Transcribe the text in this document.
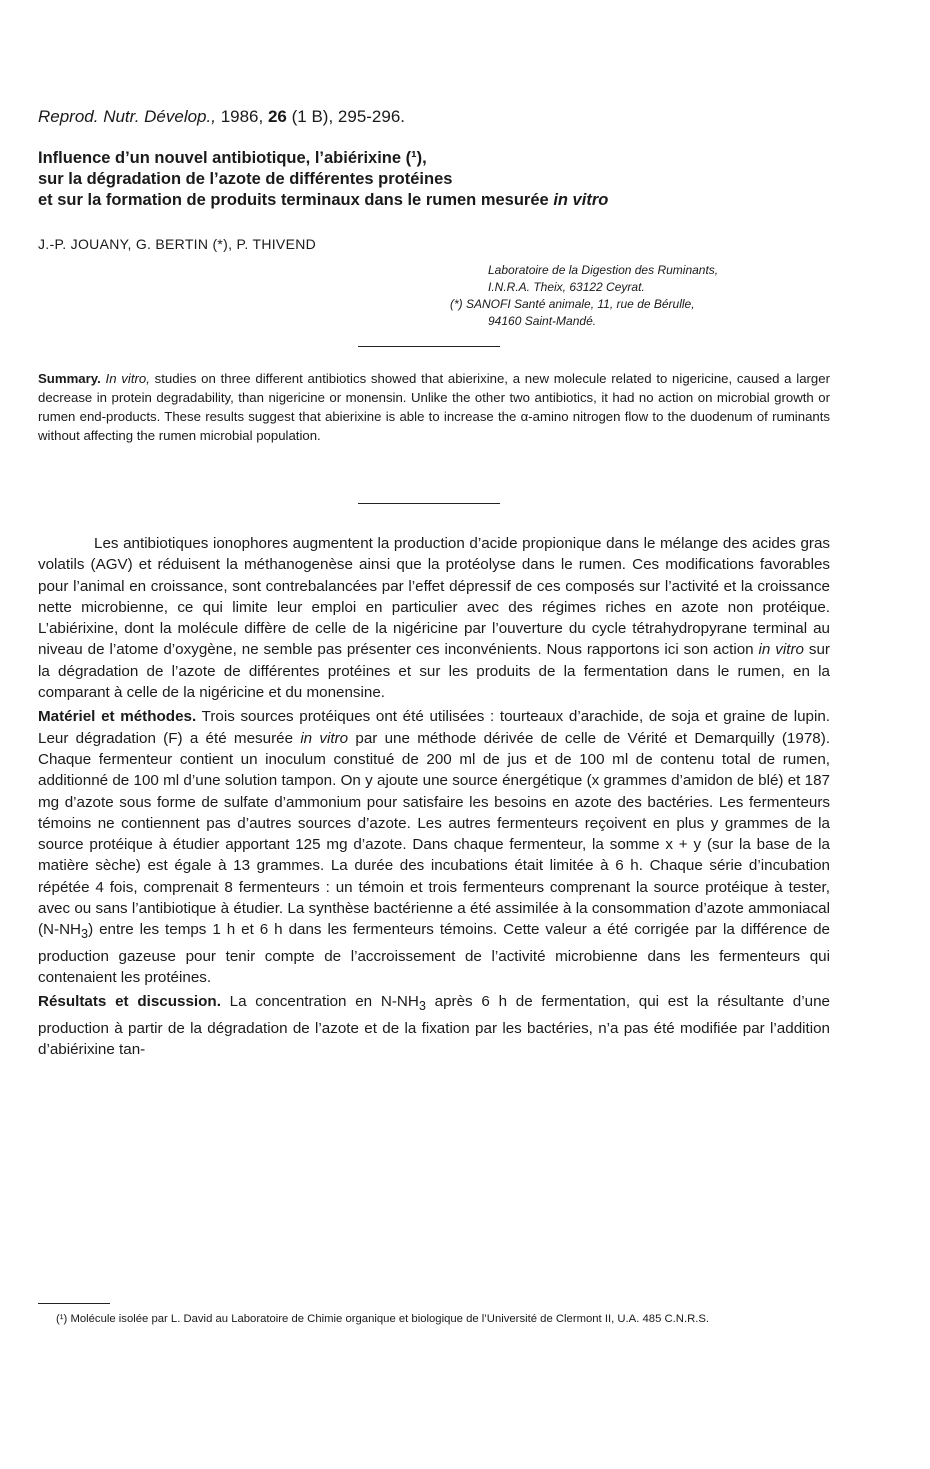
Reprod. Nutr. Dévelop., 1986, 26 (1 B), 295-296.
Influence d’un nouvel antibiotique, l’abiérixine (¹),
sur la dégradation de l’azote de différentes protéines
et sur la formation de produits terminaux dans le rumen mesurée in vitro
J.-P. JOUANY, G. BERTIN (*), P. THIVEND
Laboratoire de la Digestion des Ruminants,
I.N.R.A. Theix, 63122 Ceyrat.
(*) SANOFI Santé animale, 11, rue de Bérulle,
94160 Saint-Mandé.
Summary. In vitro, studies on three different antibiotics showed that abierixine, a new molecule related to nigericine, caused a larger decrease in protein degradability, than nigericine or monensin. Unlike the other two antibiotics, it had no action on microbial growth or rumen end-products. These results suggest that abierixine is able to increase the α-amino nitrogen flow to the duodenum of ruminants without affecting the rumen microbial population.

Les antibiotiques ionophores augmentent la production d’acide propionique dans le mélange des acides gras volatils (AGV) et réduisent la méthanogenèse ainsi que la protéolyse dans le rumen. Ces modifications favorables pour l’animal en croissance, sont contrebalancées par l’effet dépressif de ces composés sur l’activité et la croissance nette microbienne, ce qui limite leur emploi en particulier avec des régimes riches en azote non protéique. L’abiérixine, dont la molécule diffère de celle de la nigéricine par l’ouverture du cycle tétrahydropyrane terminal au niveau de l’atome d’oxygène, ne semble pas présenter ces inconvénients. Nous rapportons ici son action in vitro sur la dégradation de l’azote de différentes protéines et sur les produits de la fermentation dans le rumen, en la comparant à celle de la nigéricine et du monensine.

Matériel et méthodes. Trois sources protéiques ont été utilisées : tourteaux d’arachide, de soja et graine de lupin. Leur dégradation (F) a été mesurée in vitro par une méthode dérivée de celle de Vérité et Demarquilly (1978). Chaque fermenteur contient un inoculum constitué de 200 ml de jus et de 100 ml de contenu total de rumen, additionné de 100 ml d’une solution tampon. On y ajoute une source énergétique (x grammes d’amidon de blé) et 187 mg d’azote sous forme de sulfate d’ammonium pour satisfaire les besoins en azote des bactéries. Les fermenteurs témoins ne contiennent pas d’autres sources d’azote. Les autres fermenteurs reçoivent en plus y grammes de la source protéique à étudier apportant 125 mg d’azote. Dans chaque fermenteur, la somme x + y (sur la base de la matière sèche) est égale à 13 grammes. La durée des incubations était limitée à 6 h. Chaque série d’incubation répétée 4 fois, comprenait 8 fermenteurs : un témoin et trois fermenteurs comprenant la source protéique à tester, avec ou sans l’antibiotique à étudier. La synthèse bactérienne a été assimilée à la consommation d’azote ammoniacal $(N-NH_3)$ entre les temps 1 h et 6 h dans les fermenteurs témoins. Cette valeur a été corrigée par la différence de production gazeuse pour tenir compte de l’accroissement de l’activité microbienne dans les fermenteurs qui contenaient les protéines.

Résultats et discussion. La concentration en $N-NH_3$ après 6 h de fermentation, qui est la résultante d’une production à partir de la dégradation de l’azote et de la fixation par les bactéries, n’a pas été modifiée par l’addition d’abiérixine tan-

(¹) Molécule isolée par L. David au Laboratoire de Chimie organique et biologique de l’Université de Clermont II, U.A. 485 C.N.R.S.
